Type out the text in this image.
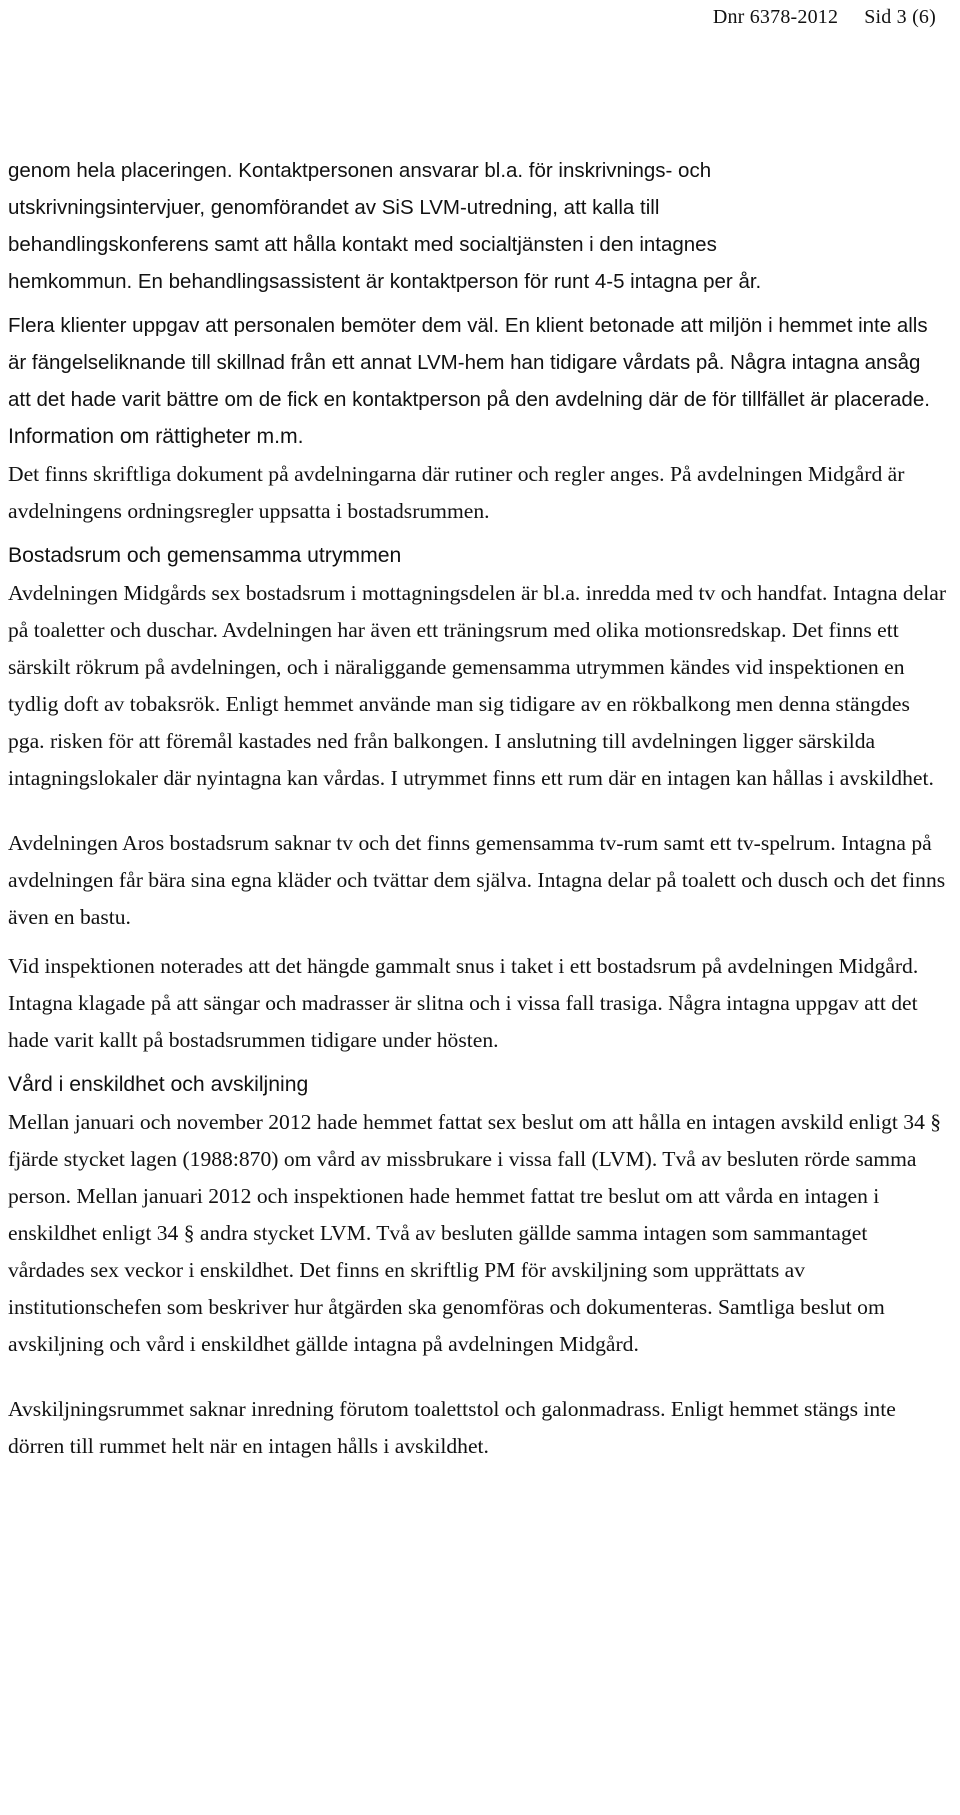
Dnr 6378-2012 Sid 3 (6)

genom hela placeringen. Kontaktpersonen ansvarar bl.a. för inskrivnings- och

utskrivningsintervjuer, genomförandet av SiS LVM-utredning, att kalla till

behandlingskonferens samt att hålla kontakt med socialtjänsten i den intagnes

hemkommun. En behandlingsassistent är kontaktperson för runt 4-5 intagna per år.

Flera klienter uppgav att personalen bemöter dem väl. En klient betonade att miljön i hemmet inte alls är fängelseliknande till skillnad från ett annat LVM-hem han tidigare vårdats på. Några intagna ansåg att det hade varit bättre om de fick en kontaktperson på den avdelning där de för tillfället är placerade.

Information om rättigheter m.m.

Det finns skriftliga dokument på avdelningarna där rutiner och regler anges. På avdelningen Midgård är avdelningens ordningsregler uppsatta i bostadsrummen.

Bostadsrum och gemensamma utrymmen

Avdelningen Midgårds sex bostadsrum i mottagningsdelen är bl.a. inredda med tv och handfat. Intagna delar på toaletter och duschar. Avdelningen har även ett träningsrum med olika motionsredskap. Det finns ett särskilt rökrum på avdelningen, och i näraliggande gemensamma utrymmen kändes vid inspektionen en tydlig doft av tobaksrök. Enligt hemmet använde man sig tidigare av en rökbalkong men denna stängdes pga. risken för att föremål kastades ned från balkongen. I anslutning till avdelningen ligger särskilda intagningslokaler där nyintagna kan vårdas. I utrymmet finns ett rum där en intagen kan hållas i avskildhet.

Avdelningen Aros bostadsrum saknar tv och det finns gemensamma tv-rum samt ett tv-spelrum. Intagna på avdelningen får bära sina egna kläder och tvättar dem själva. Intagna delar på toalett och dusch och det finns även en bastu.

Vid inspektionen noterades att det hängde gammalt snus i taket i ett bostadsrum på avdelningen Midgård. Intagna klagade på att sängar och madrasser är slitna och i vissa fall trasiga. Några intagna uppgav att det hade varit kallt på bostadsrummen tidigare under hösten.

Vård i enskildhet och avskiljning

Mellan januari och november 2012 hade hemmet fattat sex beslut om att hålla en intagen avskild enligt 34 § fjärde stycket lagen (1988:870) om vård av missbrukare i vissa fall (LVM). Två av besluten rörde samma person. Mellan januari 2012 och inspektionen hade hemmet fattat tre beslut om att vårda en intagen i enskildhet enligt 34 § andra stycket LVM. Två av besluten gällde samma intagen som sammantaget vårdades sex veckor i enskildhet. Det finns en skriftlig PM för avskiljning som upprättats av institutionschefen som beskriver hur åtgärden ska genomföras och dokumenteras. Samtliga beslut om avskiljning och vård i enskildhet gällde intagna på avdelningen Midgård.

Avskiljningsrummet saknar inredning förutom toalettstol och galonmadrass. Enligt hemmet stängs inte dörren till rummet helt när en intagen hålls i avskildhet.
